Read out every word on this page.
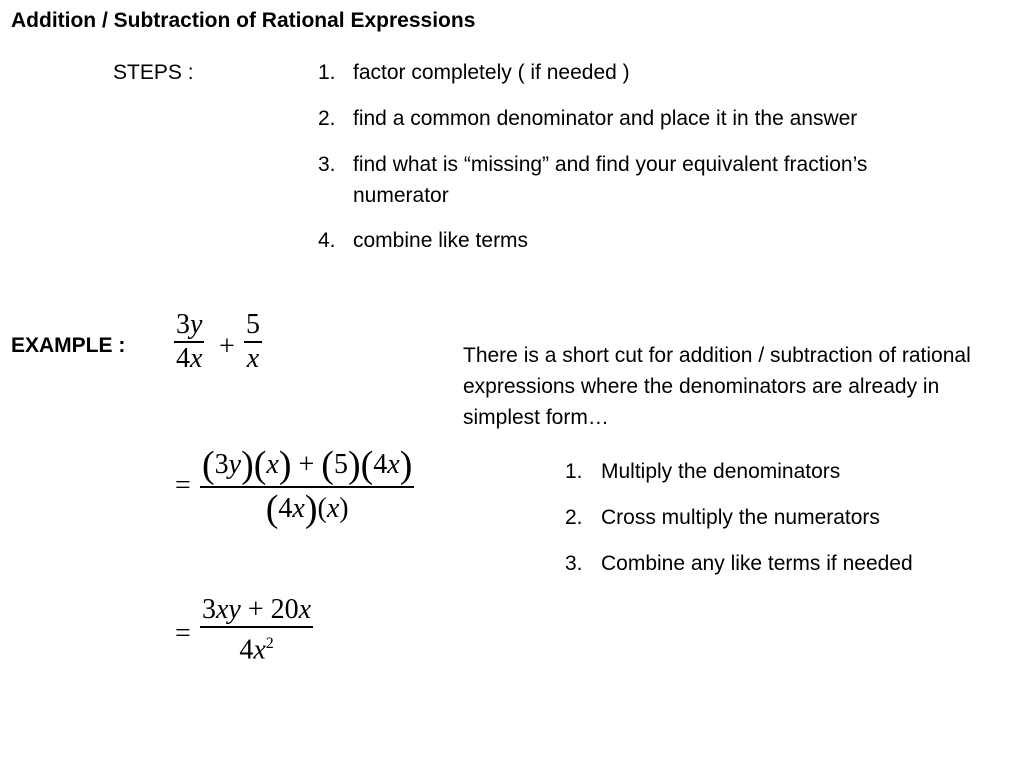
Addition / Subtraction of Rational Expressions
STEPS :	1. factor completely ( if needed )
2. find a common denominator and place it in the answer
3. find what is “missing” and find your equivalent fraction’s
numerator
4. combine like terms
EXAMPLE :
3y
4x +
5
x
= (3y)(x) + (5)(4x)
(4x)(x)
=
3xy + 20x
$4x^2$
There is a short cut for addition / subtraction of rational expressions where the denominators are already in simplest form…
1. Multiply the denominators
2. Cross multiply the numerators
3. Combine any like terms if needed
